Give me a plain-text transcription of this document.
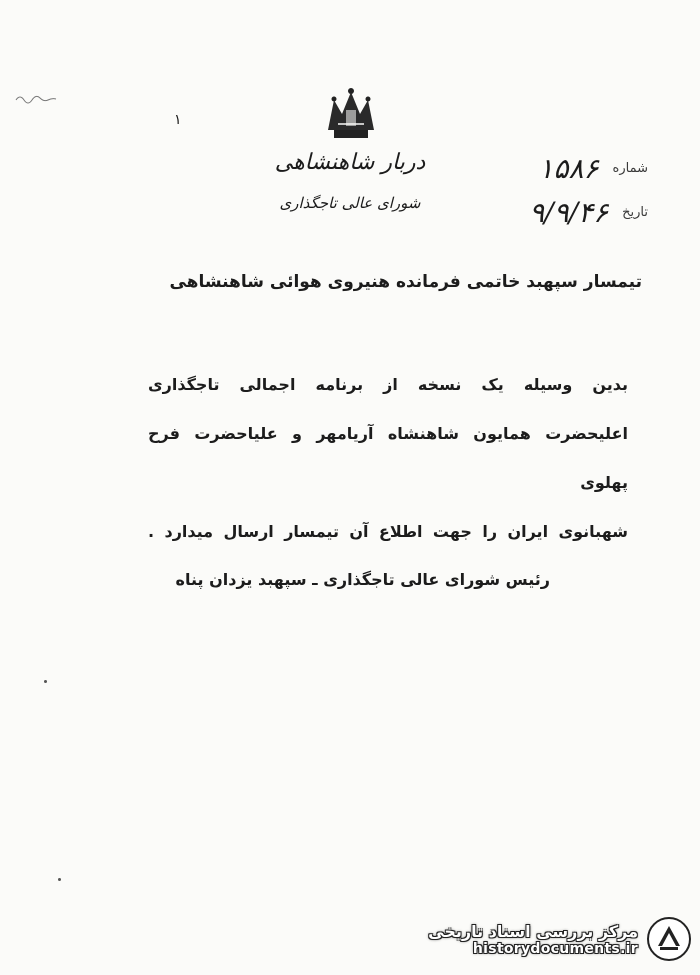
۱
دربار شاهنشاهی
شورای عالی تاجگذاری
شماره
۱۵۸۶
تاریخ
۹/۹/۴۶
تیمسار سپهبد خاتمی فرمانده هنیروی هوائی شاهنشاهی

بدین وسیله یک نسخه از برنامه اجمالی تاجگذاری

اعلیحضرت همایون شاهنشاه آریامهر و علیاحضرت فرح پهلوی

شهبانوی ایران را جهت اطلاع آن تیمسار ارسال میدارد .

رئیس شورای عالی تاجگذاری ـ سپهبد یزدان پناه
مرکز بررسی اسناد تاریخی
historydocuments.ir
